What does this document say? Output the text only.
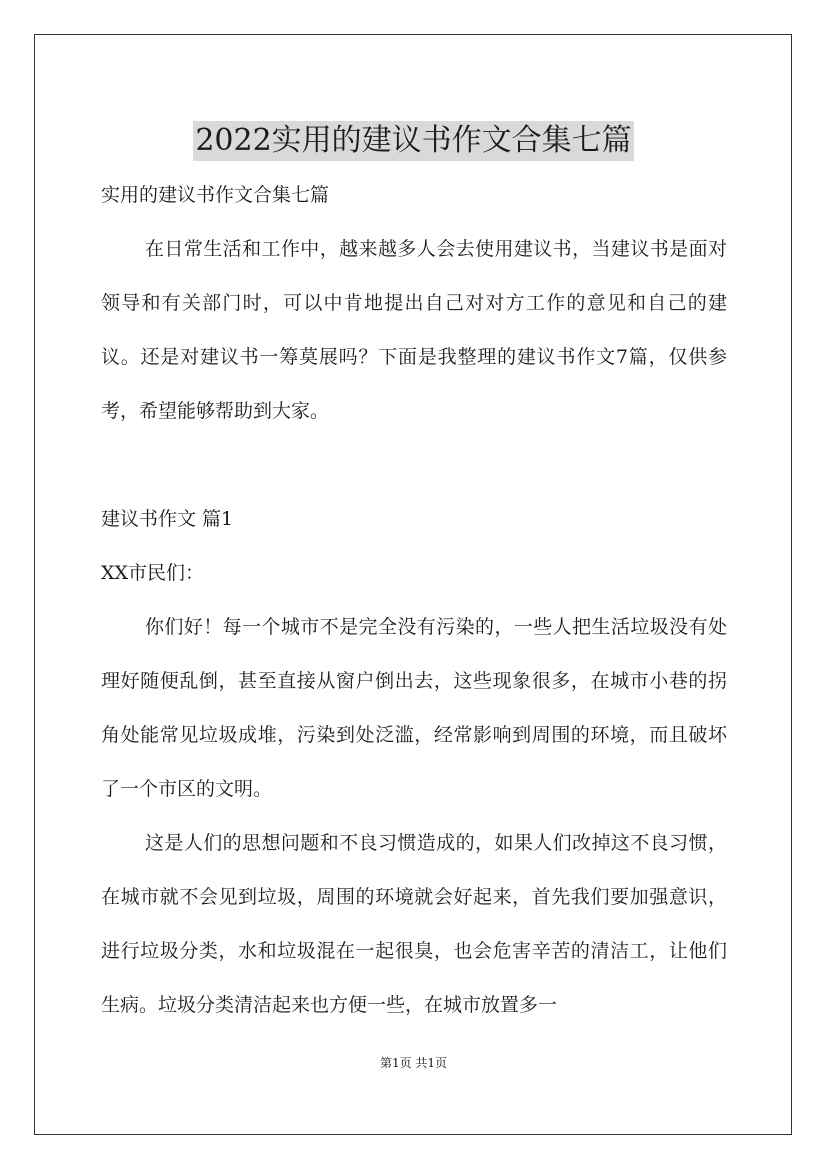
2022实用的建议书作文合集七篇
实用的建议书作文合集七篇

在日常生活和工作中，越来越多人会去使用建议书，当建议书是面对领导和有关部门时，可以中肯地提出自己对对方工作的意见和自己的建议。还是对建议书一筹莫展吗？下面是我整理的建议书作文7篇，仅供参考，希望能够帮助到大家。

建议书作文 篇1
XX市民们：

你们好！每一个城市不是完全没有污染的，一些人把生活垃圾没有处理好随便乱倒，甚至直接从窗户倒出去，这些现象很多，在城市小巷的拐角处能常见垃圾成堆，污染到处泛滥，经常影响到周围的环境，而且破坏了一个市区的文明。

这是人们的思想问题和不良习惯造成的，如果人们改掉这不良习惯，在城市就不会见到垃圾，周围的环境就会好起来，首先我们要加强意识，进行垃圾分类，水和垃圾混在一起很臭，也会危害辛苦的清洁工，让他们生病。垃圾分类清洁起来也方便一些，在城市放置多一

第1页 共1页
